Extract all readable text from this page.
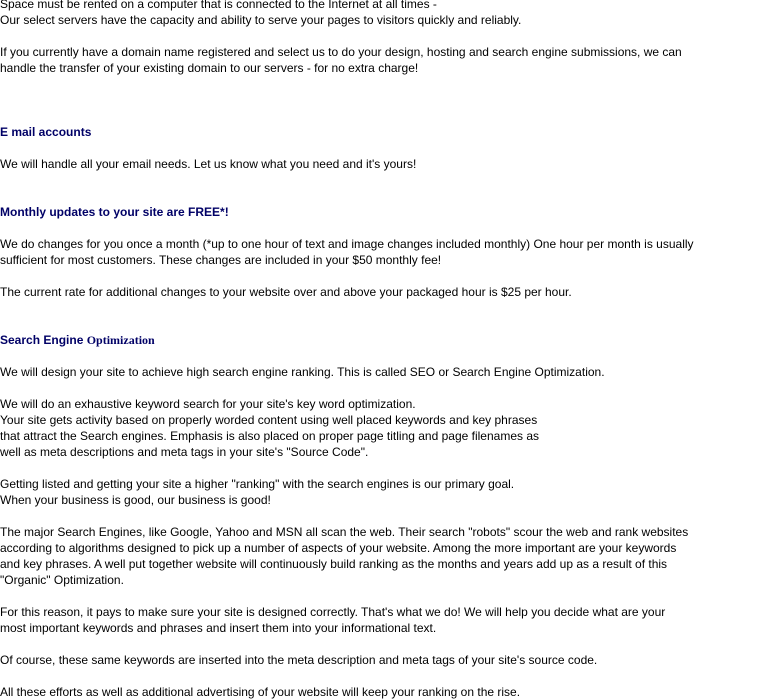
Space must be rented on a computer that is connected to the Internet at all times -
Our select servers have the capacity and ability to serve your pages to visitors quickly and reliably.
If you currently have a domain name registered and select us to do your design, hosting and search engine submissions, we can
handle the transfer of your existing domain to our servers - for no extra charge!
E mail accounts
We will handle all your email needs. Let us know what you need and it's yours!
Monthly updates to your site are FREE*!
We do changes for you once a month (*up to one hour of text and image changes included monthly) One hour per month is usually
sufficient for most customers. These changes are included in your $50 monthly fee!
The current rate for additional changes to your website over and above your packaged hour is $25 per hour.
Search Engine Optimization
We will design your site to achieve high search engine ranking. This is called SEO or Search Engine Optimization.
We will do an exhaustive keyword search for your site's key word optimization.
Your site gets activity based on properly worded content using well placed keywords and key phrases
that attract the Search engines. Emphasis is also placed on proper page titling and page filenames as
well as meta descriptions and meta tags in your site's "Source Code".
Getting listed and getting your site a higher "ranking" with the search engines is our primary goal.
When your business is good, our business is good!
The major Search Engines, like Google, Yahoo and MSN all scan the web. Their search "robots" scour the web and rank websites
according to algorithms designed to pick up a number of aspects of your website. Among the more important are your keywords
and key phrases. A well put together website will continuously build ranking as the months and years add up as a result of this
"Organic" Optimization.
For this reason, it pays to make sure your site is designed correctly. That's what we do! We will help you decide what are your
most important keywords and phrases and insert them into your informational text.
Of course, these same keywords are inserted into the meta description and meta tags of your site's source code.
All these efforts as well as additional advertising of your website will keep your ranking on the rise.
